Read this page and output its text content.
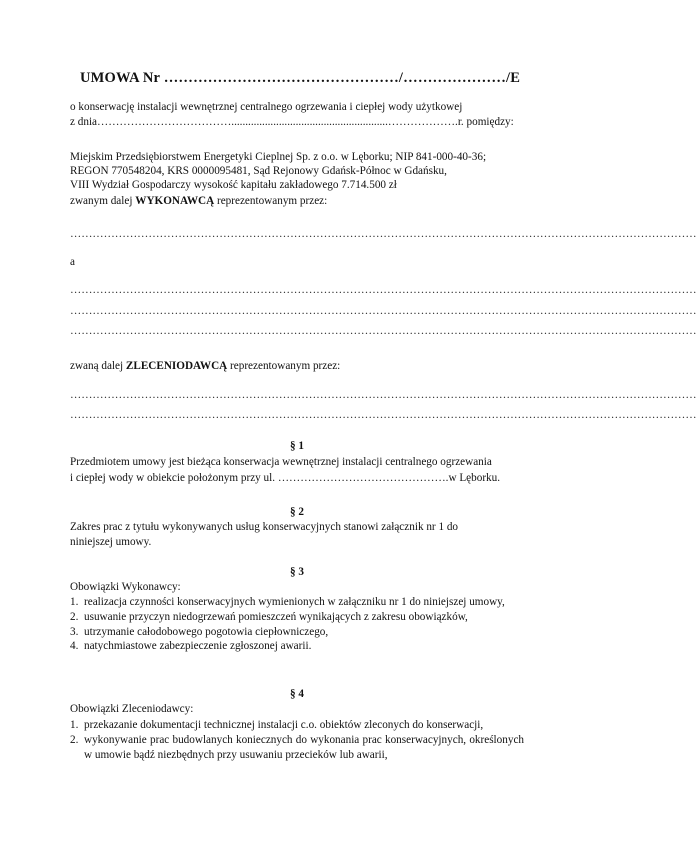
UMOWA Nr …………………………………………/…………………/E
o konserwację instalacji wewnętrznej centralnego ogrzewania i ciepłej wody użytkowej
z dnia………………………………........................................................……………….r. pomiędzy:
Miejskim Przedsiębiorstwem Energetyki Cieplnej Sp. z o.o. w Lęborku; NIP 841-000-40-36;
REGON 770548204, KRS 0000095481, Sąd Rejonowy Gdańsk-Północ w Gdańsku,
VIII Wydział Gospodarczy wysokość kapitału zakładowego 7.714.500 zł
zwanym dalej WYKONAWCĄ reprezentowanym przez:
……………………………………………………………………………………………………………………………………………………
a
……………………………………………………………………………………………………………………………………………………
……………………………………………………………………………………………………………………………………………………
……………………………………………………………………………………………………………………………………………………
zwaną dalej ZLECENIODAWCĄ reprezentowanym przez:
……………………………………………………………………………………………………………………………………………………
……………………………………………………………………………………………………………………………………………………
§ 1
Przedmiotem umowy jest bieżąca konserwacja wewnętrznej instalacji centralnego ogrzewania
i ciepłej wody w obiekcie położonym przy ul. ……………………………………….w Lęborku.
§ 2
Zakres prac z tytułu wykonywanych usług konserwacyjnych stanowi załącznik nr 1 do
niniejszej umowy.
§ 3
Obowiązki Wykonawcy:
1. realizacja czynności konserwacyjnych wymienionych w załączniku nr 1 do niniejszej umowy,
2. usuwanie przyczyn niedogrzewań pomieszczeń wynikających z zakresu obowiązków,
3. utrzymanie całodobowego pogotowia ciepłowniczego,
4. natychmiastowe zabezpieczenie zgłoszonej awarii.
§ 4
Obowiązki Zleceniodawcy:
1. przekazanie dokumentacji technicznej instalacji c.o. obiektów zleconych do konserwacji,
2. wykonywanie prac budowlanych koniecznych do wykonania prac konserwacyjnych, określonych w umowie bądź niezbędnych przy usuwaniu przecieków lub awarii,
